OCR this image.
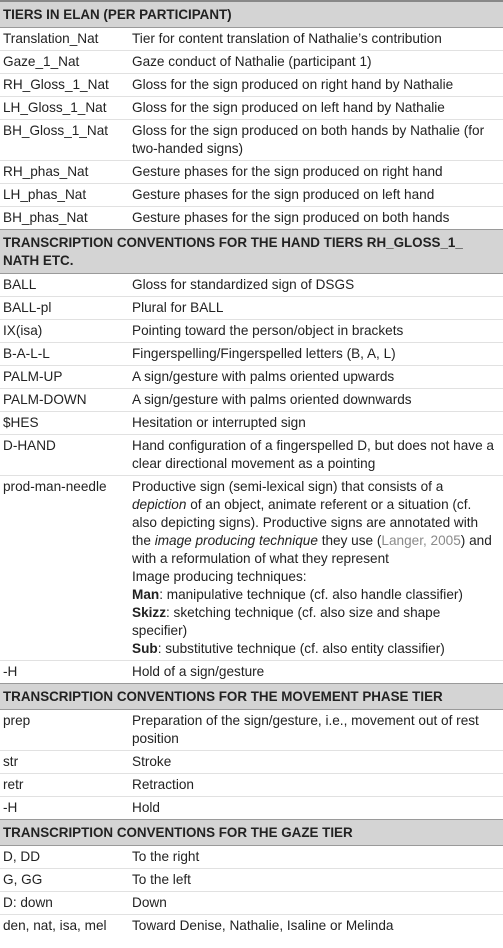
TIERS IN ELAN (PER PARTICIPANT)
Translation_Nat	Tier for content translation of Nathalie’s contribution
Gaze_1_Nat	Gaze conduct of Nathalie (participant 1)
RH_Gloss_1_Nat	Gloss for the sign produced on right hand by Nathalie
LH_Gloss_1_Nat	Gloss for the sign produced on left hand by Nathalie
BH_Gloss_1_Nat	Gloss for the sign produced on both hands by Nathalie (for two-handed signs)
RH_phas_Nat	Gesture phases for the sign produced on right hand
LH_phas_Nat	Gesture phases for the sign produced on left hand
BH_phas_Nat	Gesture phases for the sign produced on both hands
TRANSCRIPTION CONVENTIONS FOR THE HAND TIERS RH_GLOSS_1_ NATH ETC.
BALL	Gloss for standardized sign of DSGS
BALL-pl	Plural for BALL
IX(isa)	Pointing toward the person/object in brackets
B-A-L-L	Fingerspelling/Fingerspelled letters (B, A, L)
PALM-UP	A sign/gesture with palms oriented upwards
PALM-DOWN	A sign/gesture with palms oriented downwards
$HES	Hesitation or interrupted sign
D-HAND	Hand configuration of a fingerspelled D, but does not have a clear directional movement as a pointing
prod-man-needle	Productive sign (semi-lexical sign) that consists of a depiction of an object, animate referent or a situation (cf. also depicting signs). Productive signs are annotated with the image producing technique they use (Langer, 2005) and with a reformulation of what they represent
Image producing techniques:
Man: manipulative technique (cf. also handle classifier)
Skizz: sketching technique (cf. also size and shape specifier)
Sub: substitutive technique (cf. also entity classifier)
-H	Hold of a sign/gesture
TRANSCRIPTION CONVENTIONS FOR THE MOVEMENT PHASE TIER
prep	Preparation of the sign/gesture, i.e., movement out of rest position
str	Stroke
retr	Retraction
-H	Hold
TRANSCRIPTION CONVENTIONS FOR THE GAZE TIER
D, DD	To the right
G, GG	To the left
D: down	Down
den, nat, isa, mel	Toward Denise, Nathalie, Isaline or Melinda
